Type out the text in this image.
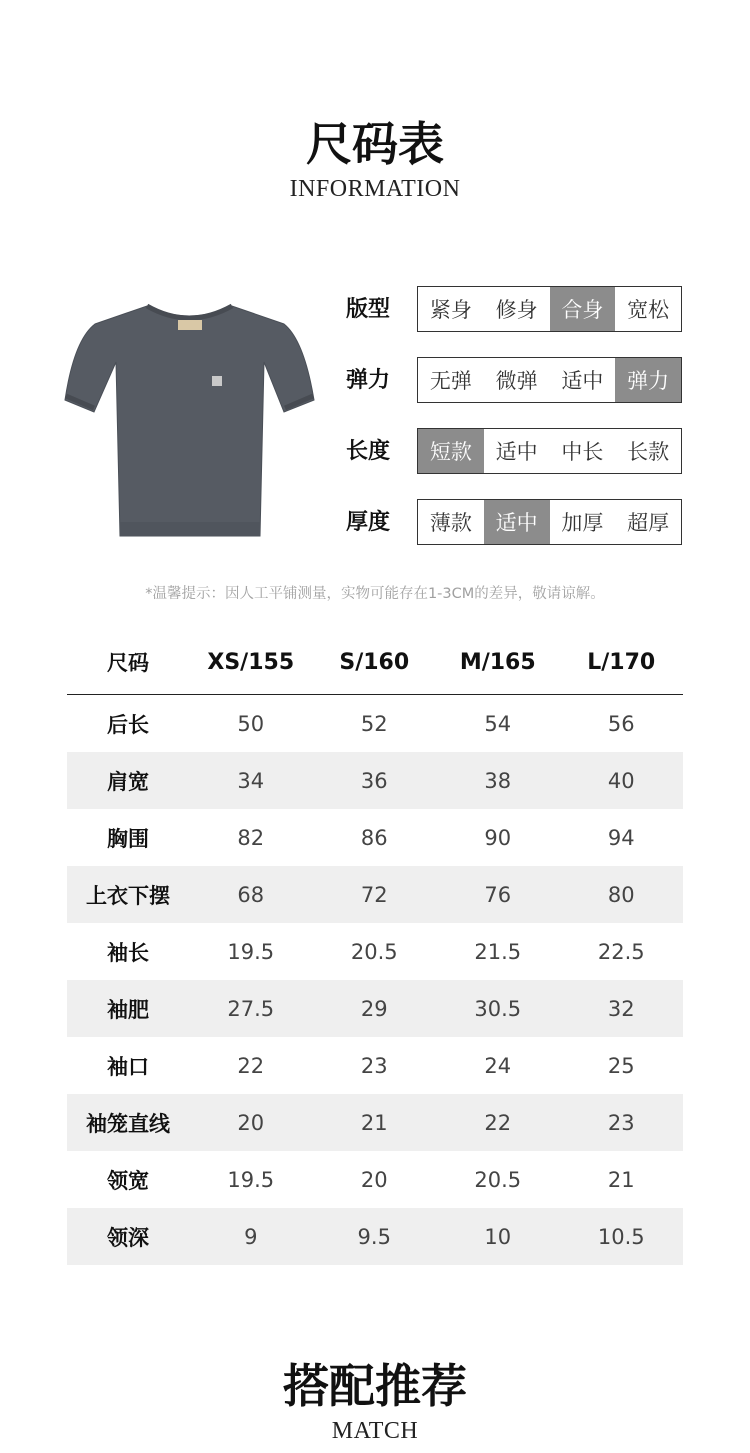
尺码表
INFORMATION
版型	紧身	修身	合身	宽松
弹力	无弹	微弹	适中	弹力
长度	短款	适中	中长	长款
厚度	薄款	适中	加厚	超厚
*温馨提示：因人工平铺测量，实物可能存在1-3CM的差异，敬请谅解。
尺码	XS/155	S/160	M/165	L/170
后长	50	52	54	56
肩宽	34	36	38	40
胸围	82	86	90	94
上衣下摆	68	72	76	80
袖长	19.5	20.5	21.5	22.5
袖肥	27.5	29	30.5	32
袖口	22	23	24	25
袖笼直线	20	21	22	23
领宽	19.5	20	20.5	21
领深	9	9.5	10	10.5
搭配推荐
MATCH
